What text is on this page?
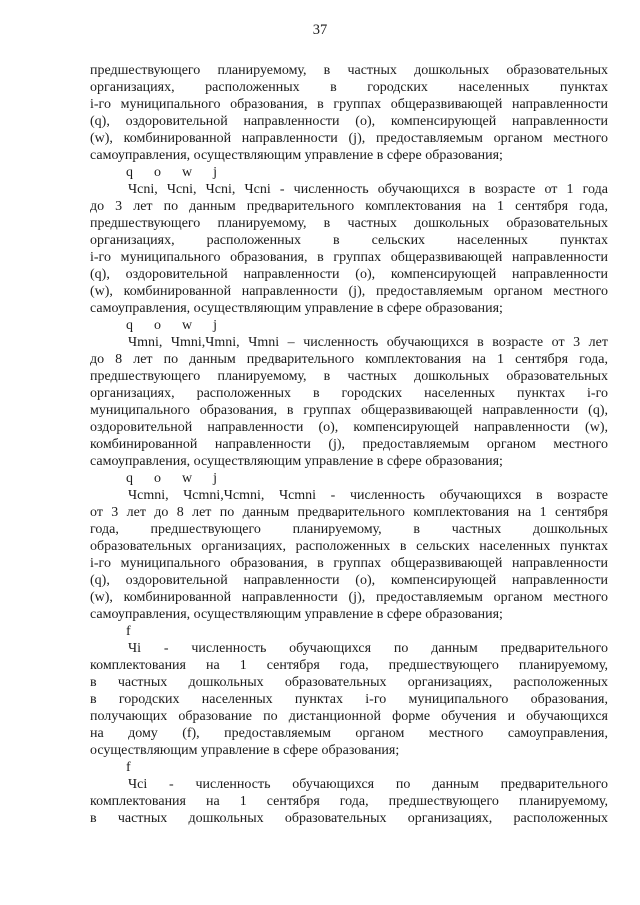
37
предшествующего планируемому, в частных дошкольных образовательных
организациях, расположенных в городских населенных пунктах
i-го муниципального образования, в группах общеразвивающей направленности
(q), оздоровительной направленности (o), компенсирующей направленности
(w), комбинированной направленности (j), предоставляемым органом местного
самоуправления, осуществляющим управление в сфере образования;
q      o      w      j
Чcni, Чcni, Чcni, Чcni - численность обучающихся в возрасте от 1 года
до 3 лет по данным предварительного комплектования на 1 сентября года,
предшествующего планируемому, в частных дошкольных образовательных
организациях, расположенных в сельских населенных пунктах
i-го муниципального образования, в группах общеразвивающей направленности
(q), оздоровительной направленности (o), компенсирующей направленности
(w), комбинированной направленности (j), предоставляемым органом местного
самоуправления, осуществляющим управление в сфере образования;
q      o      w      j
Чmni, Чmni,Чmni, Чmni – численность обучающихся в возрасте от 3 лет
до 8 лет по данным предварительного комплектования на 1 сентября года,
предшествующего планируемому, в частных дошкольных образовательных
организациях, расположенных в городских населенных пунктах i-го
муниципального образования, в группах общеразвивающей направленности (q),
оздоровительной направленности (o), компенсирующей направленности (w),
комбинированной направленности (j), предоставляемым органом местного
самоуправления, осуществляющим управление в сфере образования;
q      o      w      j
Чcmni, Чcmni,Чcmni, Чcmni - численность обучающихся в возрасте
от 3 лет до 8 лет по данным предварительного комплектования на 1 сентября
года, предшествующего планируемому, в частных дошкольных
образовательных организациях, расположенных в сельских населенных пунктах
i-го муниципального образования, в группах общеразвивающей направленности
(q), оздоровительной направленности (o), компенсирующей направленности
(w), комбинированной направленности (j), предоставляемым органом местного
самоуправления, осуществляющим управление в сфере образования;
f
Чi - численность обучающихся по данным предварительного
комплектования на 1 сентября года, предшествующего планируемому,
в частных дошкольных образовательных организациях, расположенных
в городских населенных пунктах i-го муниципального образования,
получающих образование по дистанционной форме обучения и обучающихся
на дому (f), предоставляемым органом местного самоуправления,
осуществляющим управление в сфере образования;
f
Чci - численность обучающихся по данным предварительного
комплектования на 1 сентября года, предшествующего планируемому,
в частных дошкольных образовательных организациях, расположенных
